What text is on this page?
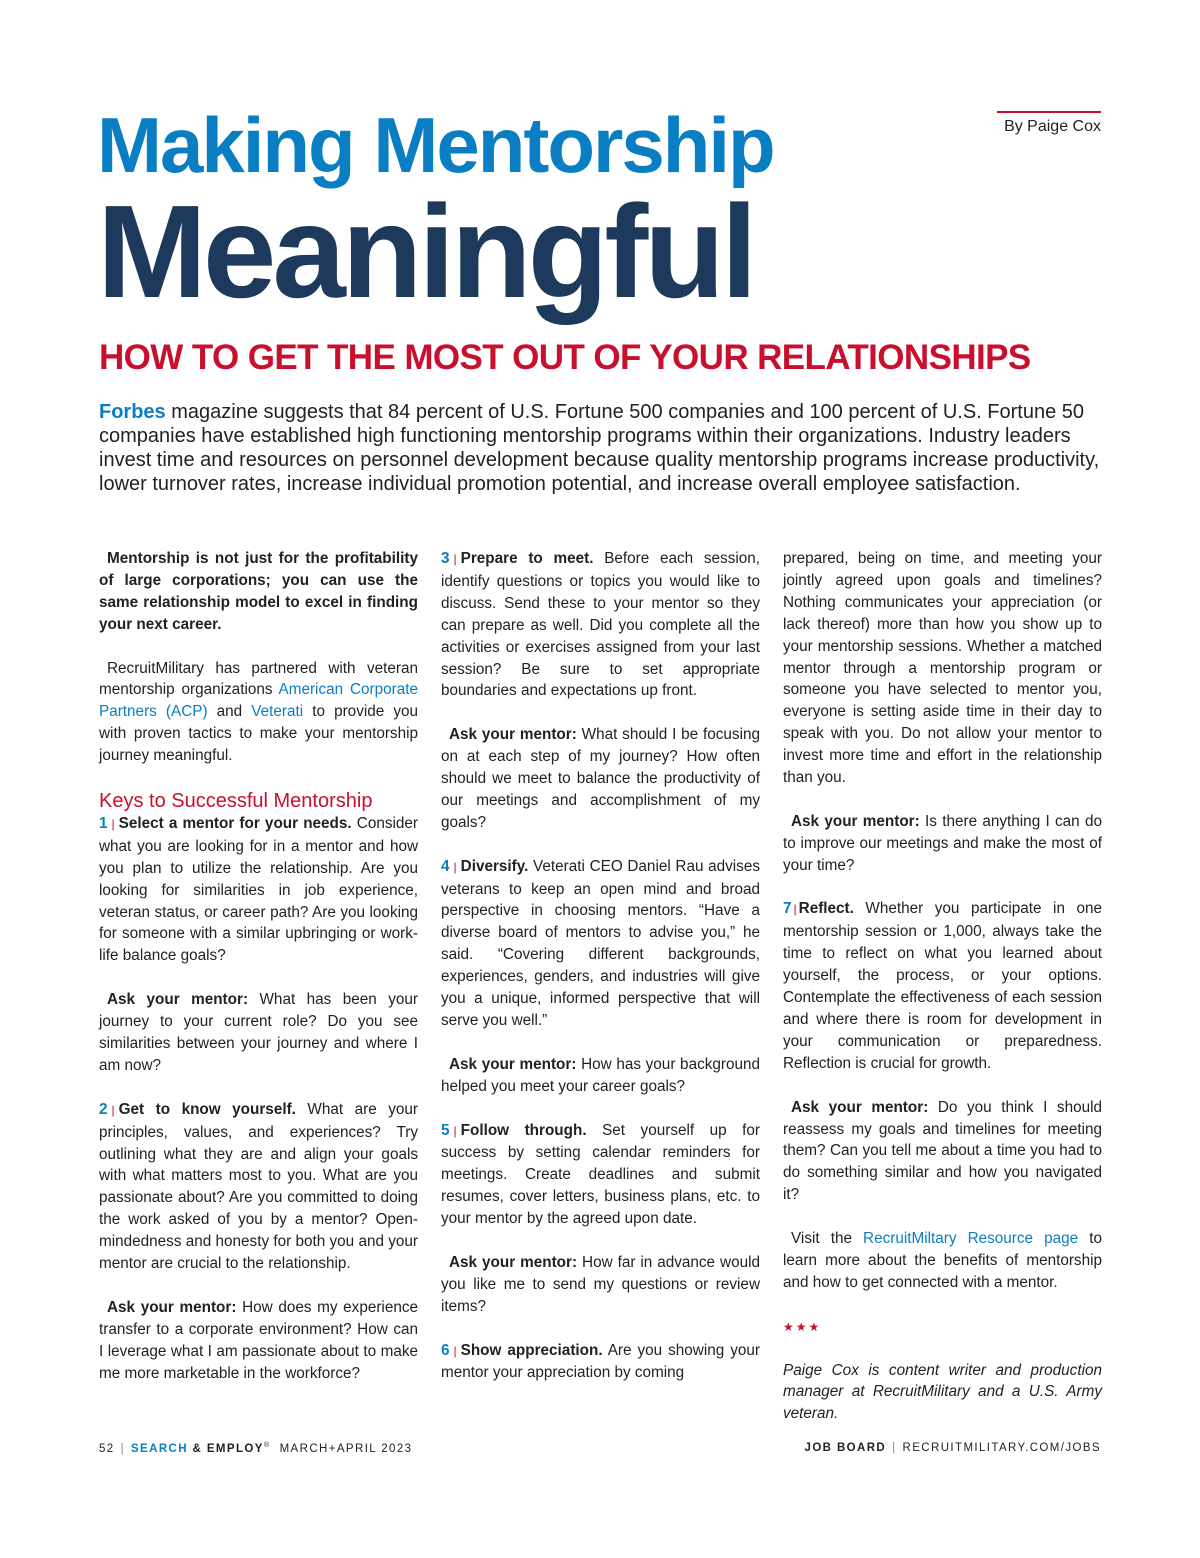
By Paige Cox
Making Mentorship
Meaningful
HOW TO GET THE MOST OUT OF YOUR RELATIONSHIPS
Forbes magazine suggests that 84 percent of U.S. Fortune 500 companies and 100 percent of U.S. Fortune 50 companies have established high functioning mentorship programs within their organizations. Industry leaders invest time and resources on personnel development because quality mentorship programs increase productivity, lower turnover rates, increase individual promotion potential, and increase overall employee satisfaction.

Mentorship is not just for the profitability of large corporations; you can use the same relationship model to excel in finding your next career.

RecruitMilitary has partnered with veteran mentorship organizations American Corporate Partners (ACP) and Veterati to provide you with proven tactics to make your mentorship journey meaningful.

Keys to Successful Mentorship

1 | Select a mentor for your needs. Consider what you are looking for in a mentor and how you plan to utilize the relationship. Are you looking for similarities in job experience, veteran status, or career path? Are you looking for someone with a similar upbringing or work-life balance goals?

Ask your mentor: What has been your journey to your current role? Do you see similarities between your journey and where I am now?

2 | Get to know yourself. What are your principles, values, and experiences? Try outlining what they are and align your goals with what matters most to you. What are you passionate about? Are you committed to doing the work asked of you by a mentor? Open-mindedness and honesty for both you and your mentor are crucial to the relationship.

Ask your mentor: How does my experience transfer to a corporate environment? How can I leverage what I am passionate about to make me more marketable in the workforce?

3 | Prepare to meet. Before each session, identify questions or topics you would like to discuss. Send these to your mentor so they can prepare as well. Did you complete all the activities or exercises assigned from your last session? Be sure to set appropriate boundaries and expectations up front.

Ask your mentor: What should I be focusing on at each step of my journey? How often should we meet to balance the productivity of our meetings and accomplishment of my goals?

4 | Diversify. Veterati CEO Daniel Rau advises veterans to keep an open mind and broad perspective in choosing mentors. “Have a diverse board of mentors to advise you,” he said. “Covering different backgrounds, experiences, genders, and industries will give you a unique, informed perspective that will serve you well.”

Ask your mentor: How has your background helped you meet your career goals?

5 | Follow through. Set yourself up for success by setting calendar reminders for meetings. Create deadlines and submit resumes, cover letters, business plans, etc. to your mentor by the agreed upon date.

Ask your mentor: How far in advance would you like me to send my questions or review items?

6 | Show appreciation. Are you showing your mentor your appreciation by coming

prepared, being on time, and meeting your jointly agreed upon goals and timelines? Nothing communicates your appreciation (or lack thereof) more than how you show up to your mentorship sessions. Whether a matched mentor through a mentorship program or someone you have selected to mentor you, everyone is setting aside time in their day to speak with you. Do not allow your mentor to invest more time and effort in the relationship than you.

Ask your mentor: Is there anything I can do to improve our meetings and make the most of your time?

7 | Reflect. Whether you participate in one mentorship session or 1,000, always take the time to reflect on what you learned about yourself, the process, or your options. Contemplate the effectiveness of each session and where there is room for development in your communication or preparedness. Reflection is crucial for growth.

Ask your mentor: Do you think I should reassess my goals and timelines for meeting them? Can you tell me about a time you had to do something similar and how you navigated it?

Visit the RecruitMiltary Resource page to learn more about the benefits of mentorship and how to get connected with a mentor.

★★★

Paige Cox is content writer and production manager at RecruitMilitary and a U.S. Army veteran.

52 | SEARCH & EMPLOY® MARCH+APRIL 2023	JOB BOARD | RECRUITMILITARY.COM/JOBS
